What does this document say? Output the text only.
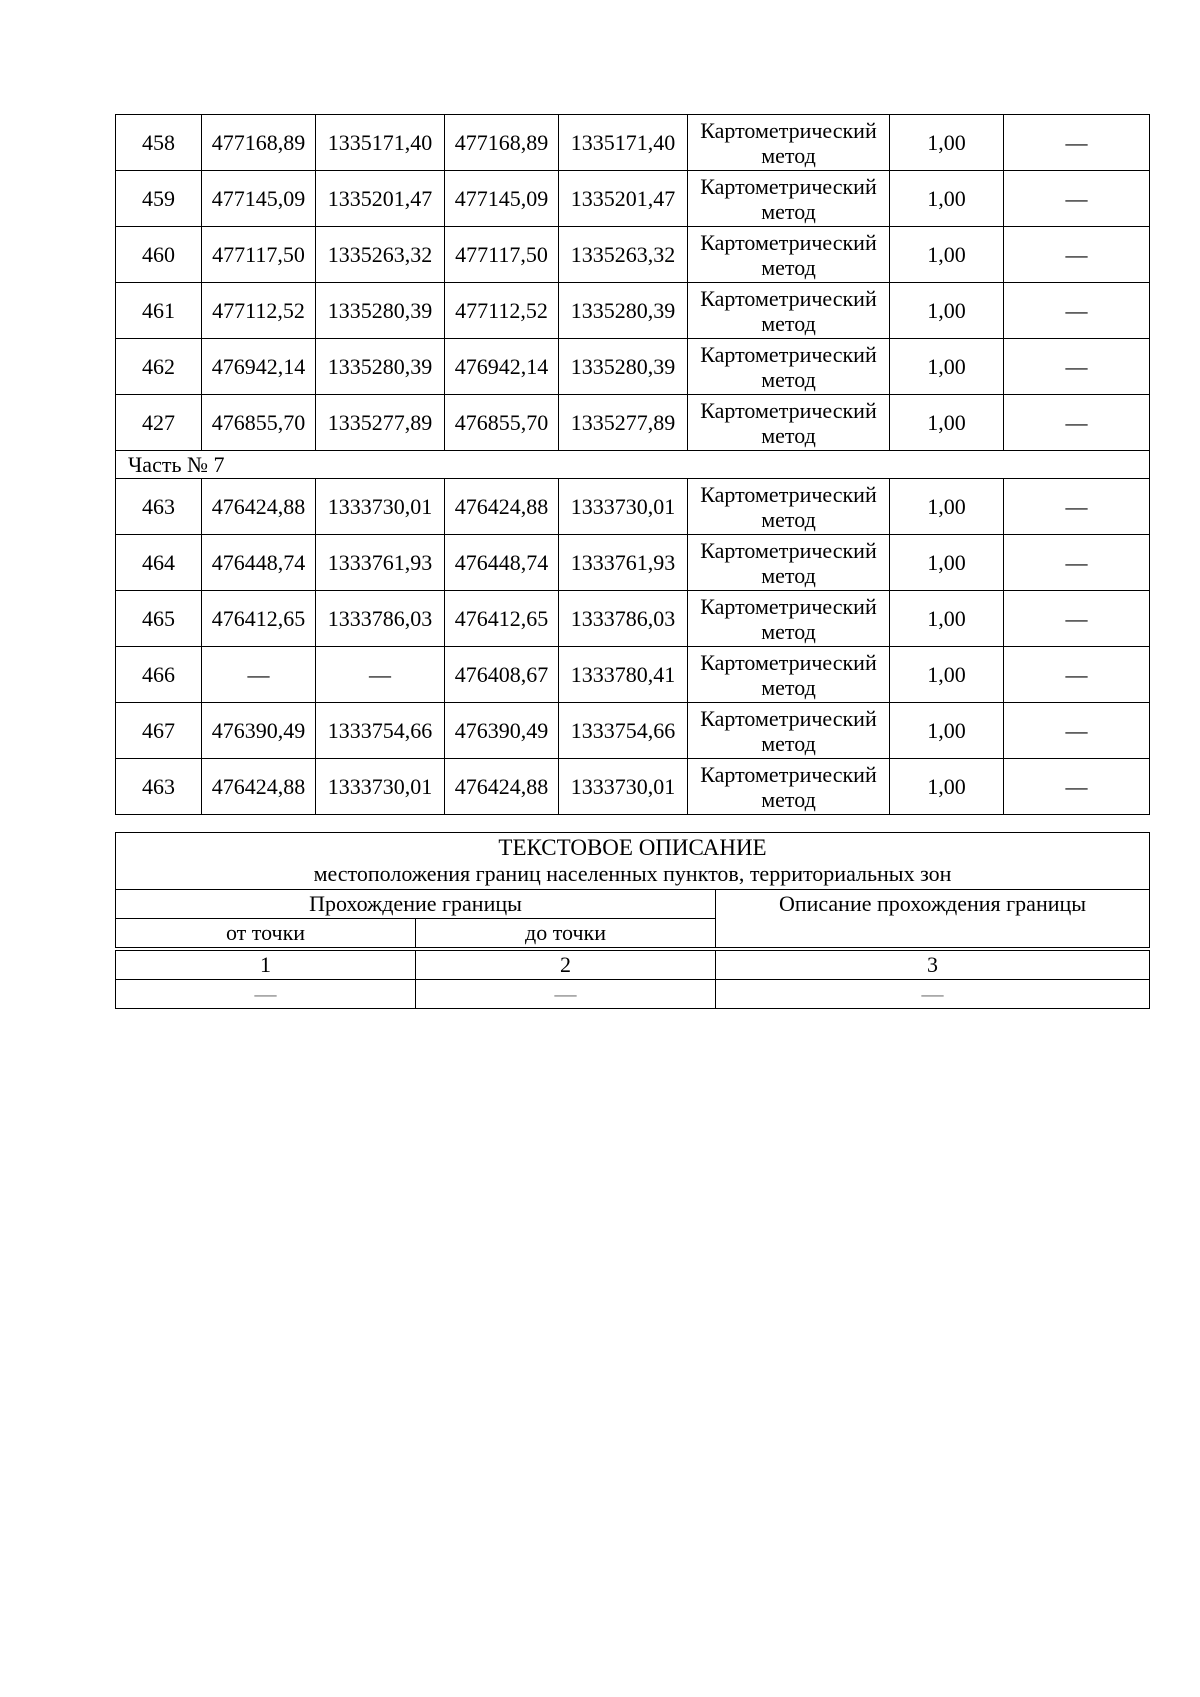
458	477168,89	1335171,40	477168,89	1335171,40	Картометрический метод	1,00	—
459	477145,09	1335201,47	477145,09	1335201,47	Картометрический метод	1,00	—
460	477117,50	1335263,32	477117,50	1335263,32	Картометрический метод	1,00	—
461	477112,52	1335280,39	477112,52	1335280,39	Картометрический метод	1,00	—
462	476942,14	1335280,39	476942,14	1335280,39	Картометрический метод	1,00	—
427	476855,70	1335277,89	476855,70	1335277,89	Картометрический метод	1,00	—
Часть № 7							
463	476424,88	1333730,01	476424,88	1333730,01	Картометрический метод	1,00	—
464	476448,74	1333761,93	476448,74	1333761,93	Картометрический метод	1,00	—
465	476412,65	1333786,03	476412,65	1333786,03	Картометрический метод	1,00	—
466	—	—	476408,67	1333780,41	Картометрический метод	1,00	—
467	476390,49	1333754,66	476390,49	1333754,66	Картометрический метод	1,00	—
463	476424,88	1333730,01	476424,88	1333730,01	Картометрический метод	1,00	—
ТЕКСТОВОЕ ОПИСАНИЕ
местоположения границ населенных пунктов, территориальных зон		

Прохождение границы		Описание прохождения границы
от точки	до точки	

1	2	3
—	—	—
